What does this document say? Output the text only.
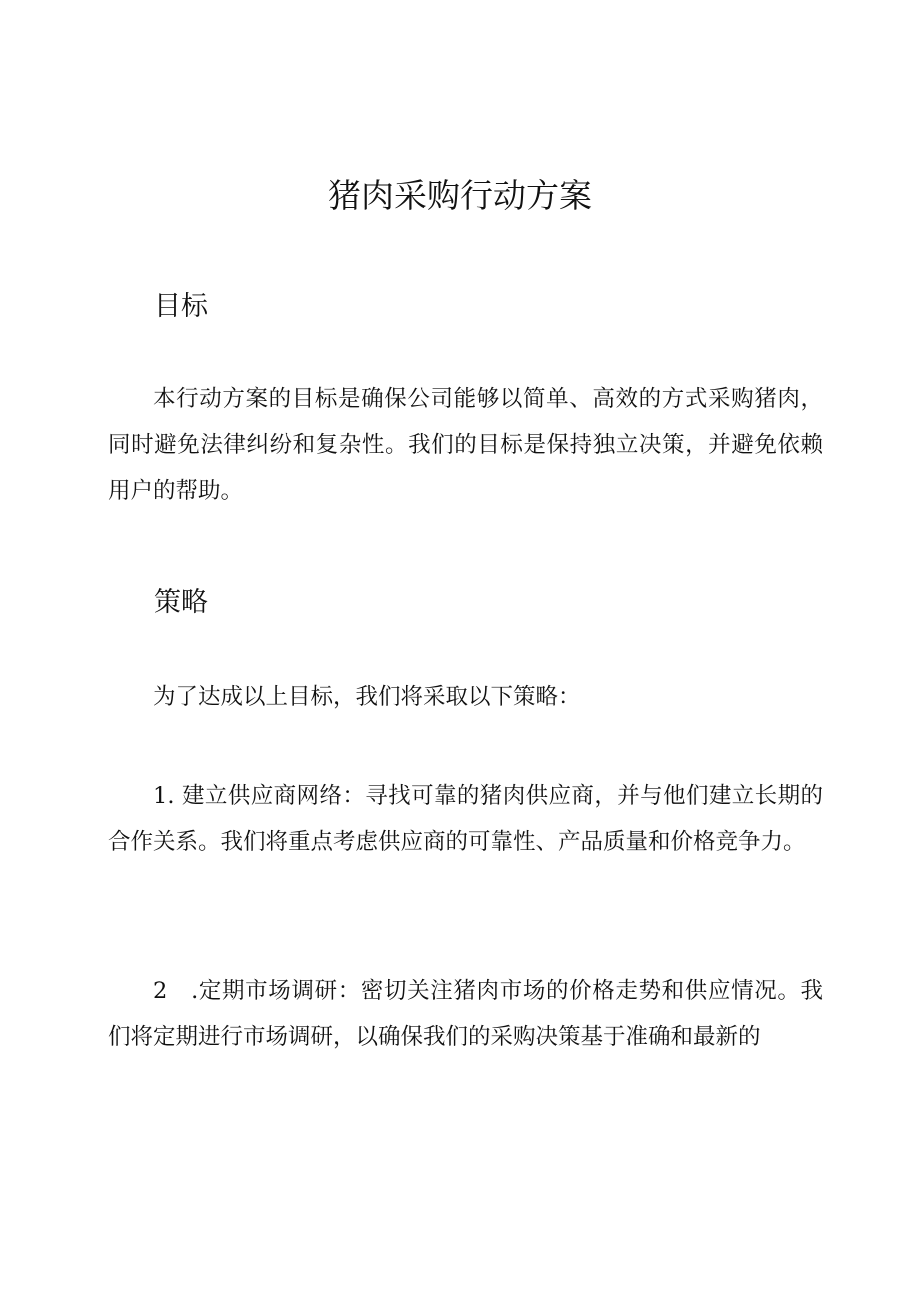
猪肉采购行动方案
目标

本行动方案的目标是确保公司能够以简单、高效的方式采购猪肉，同时避免法律纠纷和复杂性。我们的目标是保持独立决策，并避免依赖用户的帮助。

策略

为了达成以上目标，我们将采取以下策略：

1. 建立供应商网络：寻找可靠的猪肉供应商，并与他们建立长期的合作关系。我们将重点考虑供应商的可靠性、产品质量和价格竞争力。

2　.定期市场调研：密切关注猪肉市场的价格走势和供应情况。我们将定期进行市场调研，以确保我们的采购决策基于准确和最新的
